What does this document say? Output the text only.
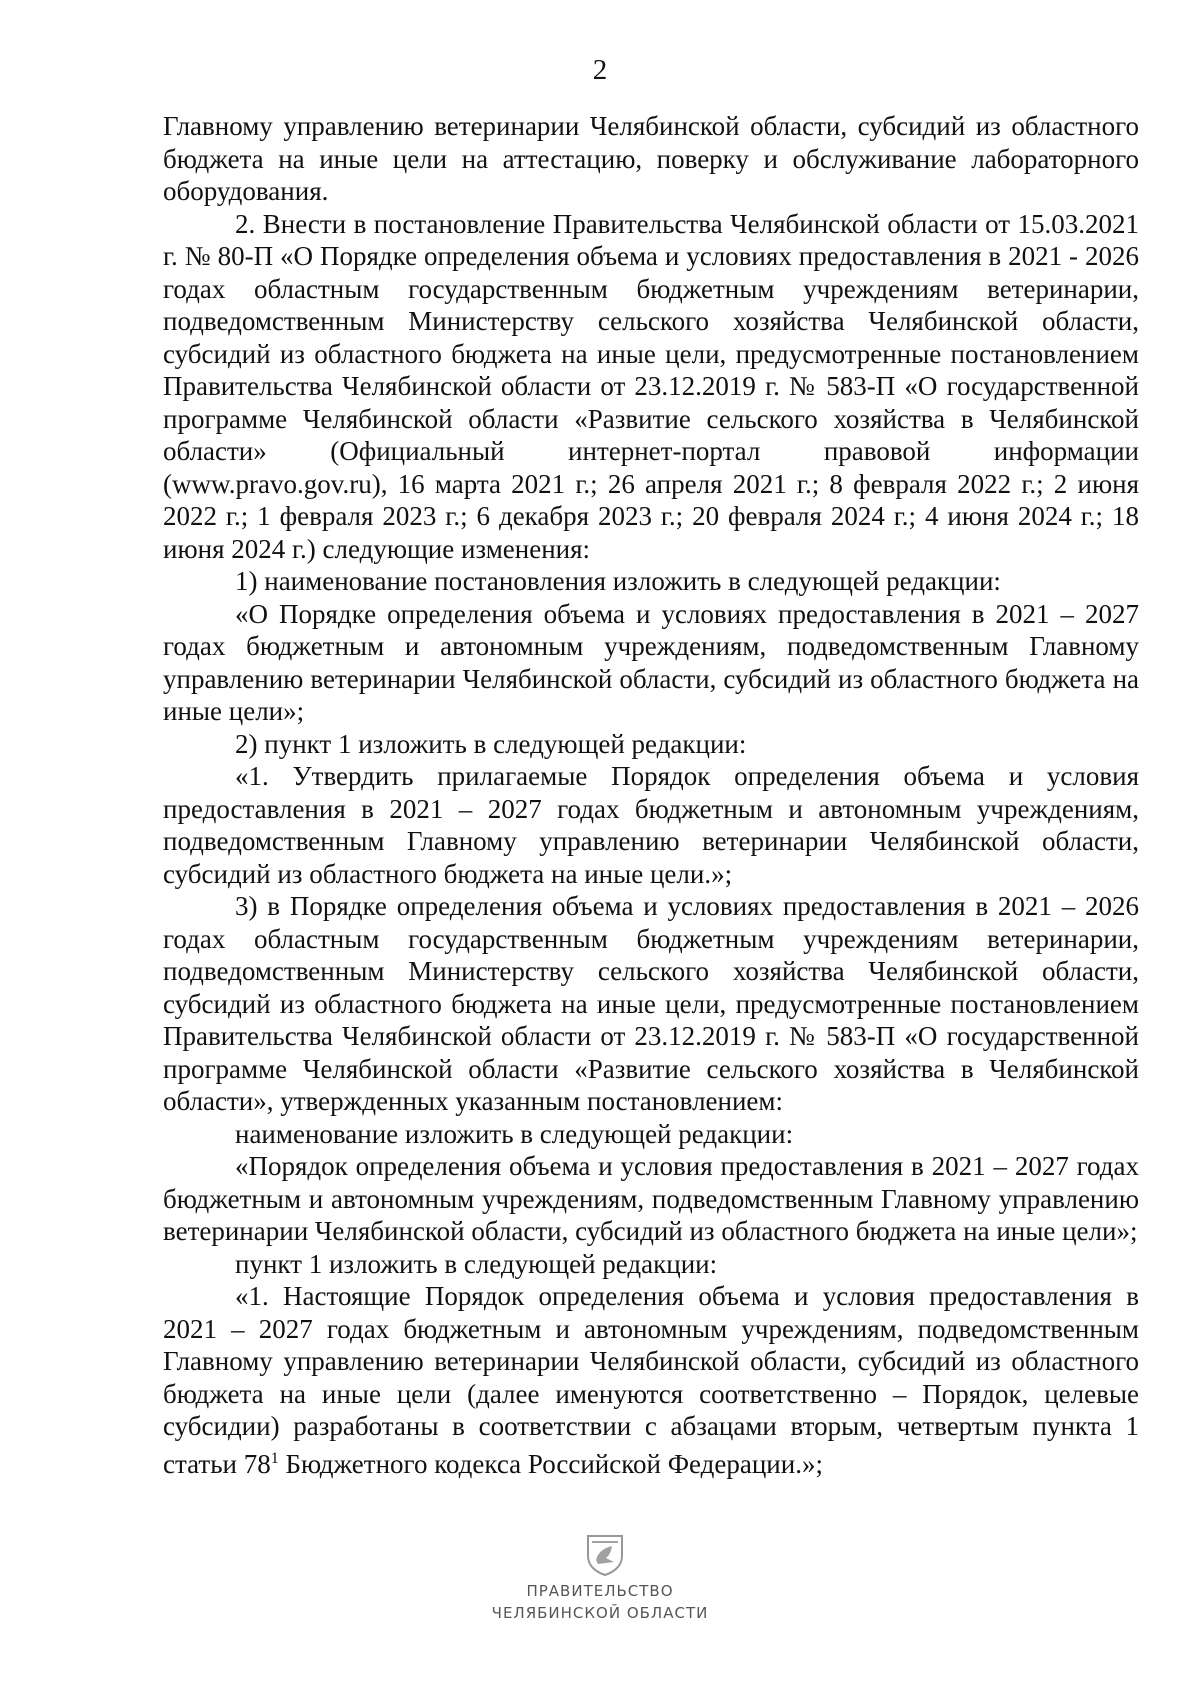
2

Главному управлению ветеринарии Челябинской области, субсидий из областного бюджета на иные цели на аттестацию, поверку и обслуживание лабораторного оборудования.

2. Внести в постановление Правительства Челябинской области от 15.03.2021 г. № 80-П «О Порядке определения объема и условиях предоставления в 2021 - 2026 годах областным государственным бюджетным учреждениям ветеринарии, подведомственным Министерству сельского хозяйства Челябинской области, субсидий из областного бюджета на иные цели, предусмотренные постановлением Правительства Челябинской области от 23.12.2019 г. № 583-П «О государственной программе Челябинской области «Развитие сельского хозяйства в Челябинской области» (Официальный интернет-портал правовой информации (www.pravo.gov.ru), 16 марта 2021 г.; 26 апреля 2021 г.; 8 февраля 2022 г.; 2 июня 2022 г.; 1 февраля 2023 г.; 6 декабря 2023 г.; 20 февраля 2024 г.; 4 июня 2024 г.; 18 июня 2024 г.) следующие изменения:

1) наименование постановления изложить в следующей редакции:

«О Порядке определения объема и условиях предоставления в 2021 – 2027 годах бюджетным и автономным учреждениям, подведомственным Главному управлению ветеринарии Челябинской области, субсидий из областного бюджета на иные цели»;

2) пункт 1 изложить в следующей редакции:

«1. Утвердить прилагаемые Порядок определения объема и условия предоставления в 2021 – 2027 годах бюджетным и автономным учреждениям, подведомственным Главному управлению ветеринарии Челябинской области, субсидий из областного бюджета на иные цели.»;

3) в Порядке определения объема и условиях предоставления в 2021 – 2026 годах областным государственным бюджетным учреждениям ветеринарии, подведомственным Министерству сельского хозяйства Челябинской области, субсидий из областного бюджета на иные цели, предусмотренные постановлением Правительства Челябинской области от 23.12.2019 г. № 583-П «О государственной программе Челябинской области «Развитие сельского хозяйства в Челябинской области», утвержденных указанным постановлением:

наименование изложить в следующей редакции:

«Порядок определения объема и условия предоставления в 2021 – 2027 годах бюджетным и автономным учреждениям, подведомственным Главному управлению ветеринарии Челябинской области, субсидий из областного бюджета на иные цели»;

пункт 1 изложить в следующей редакции:

«1. Настоящие Порядок определения объема и условия предоставления в 2021 – 2027 годах бюджетным и автономным учреждениям, подведомственным Главному управлению ветеринарии Челябинской области, субсидий из областного бюджета на иные цели (далее именуются соответственно – Порядок, целевые субсидии) разработаны в соответствии с абзацами вторым, четвертым пункта 1 статьи $78^1$ Бюджетного кодекса Российской Федерации.»;

ПРАВИТЕЛЬСТВО
ЧЕЛЯБИНСКОЙ ОБЛАСТИ
